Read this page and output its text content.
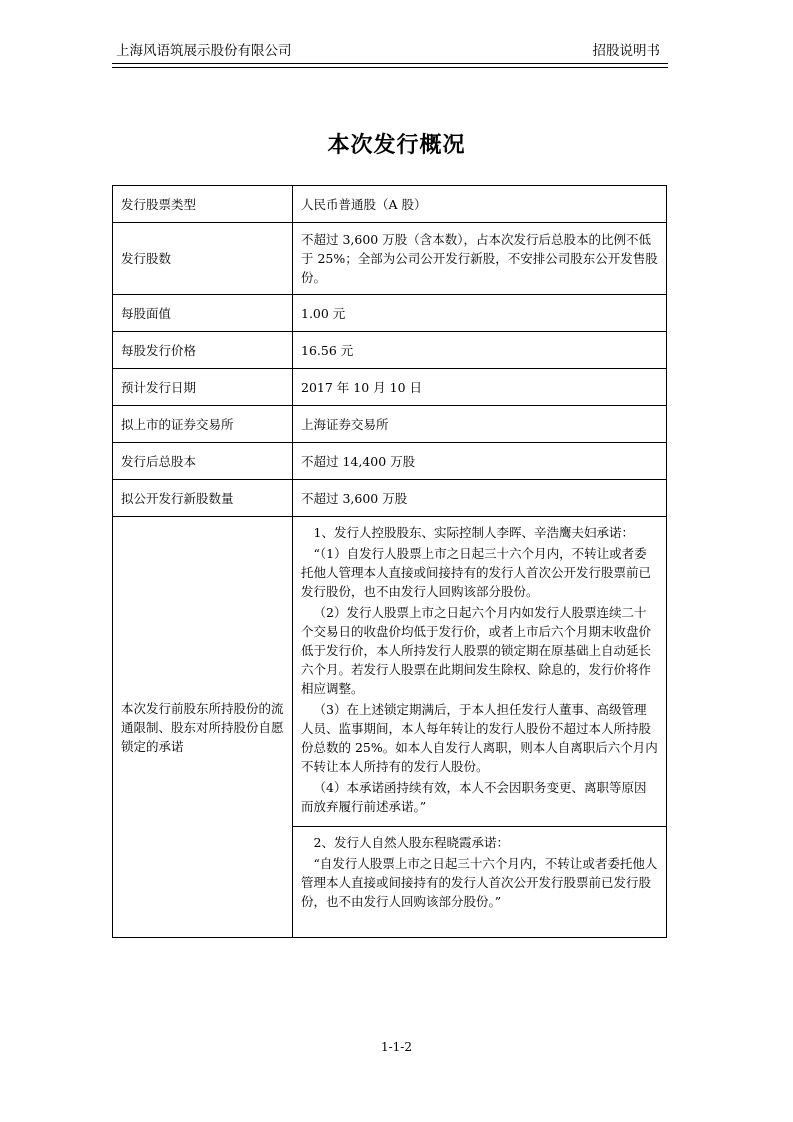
上海风语筑展示股份有限公司	招股说明书
本次发行概况
发行股票类型	人民币普通股（A 股）
发行股数	不超过 3,600 万股（含本数），占本次发行后总股本的比例不低于 25%；全部为公司公开发行新股，不安排公司股东公开发售股份。
每股面值	1.00 元
每股发行价格	16.56 元
预计发行日期	2017 年 10 月 10 日
拟上市的证券交易所	上海证券交易所
发行后总股本	不超过 14,400 万股
拟公开发行新股数量	不超过 3,600 万股
本次发行前股东所持股份的流通限制、股东对所持股份自愿锁定的承诺	1、发行人控股股东、实际控制人李晖、辛浩鹰夫妇承诺：

“（1）自发行人股票上市之日起三十六个月内，不转让或者委托他人管理本人直接或间接持有的发行人首次公开发行股票前已发行股份，也不由发行人回购该部分股份。

（2）发行人股票上市之日起六个月内如发行人股票连续二十个交易日的收盘价均低于发行价，或者上市后六个月期末收盘价低于发行价，本人所持发行人股票的锁定期在原基础上自动延长六个月。若发行人股票在此期间发生除权、除息的，发行价将作相应调整。

（3）在上述锁定期满后，于本人担任发行人董事、高级管理人员、监事期间，本人每年转让的发行人股份不超过本人所持股份总数的 25%。如本人自发行人离职，则本人自离职后六个月内不转让本人所持有的发行人股份。

（4）本承诺函持续有效，本人不会因职务变更、离职等原因而放弃履行前述承诺。”

	2、发行人自然人股东程晓霞承诺：

“自发行人股票上市之日起三十六个月内，不转让或者委托他人管理本人直接或间接持有的发行人首次公开发行股票前已发行股份，也不由发行人回购该部分股份。”

1-1-2
